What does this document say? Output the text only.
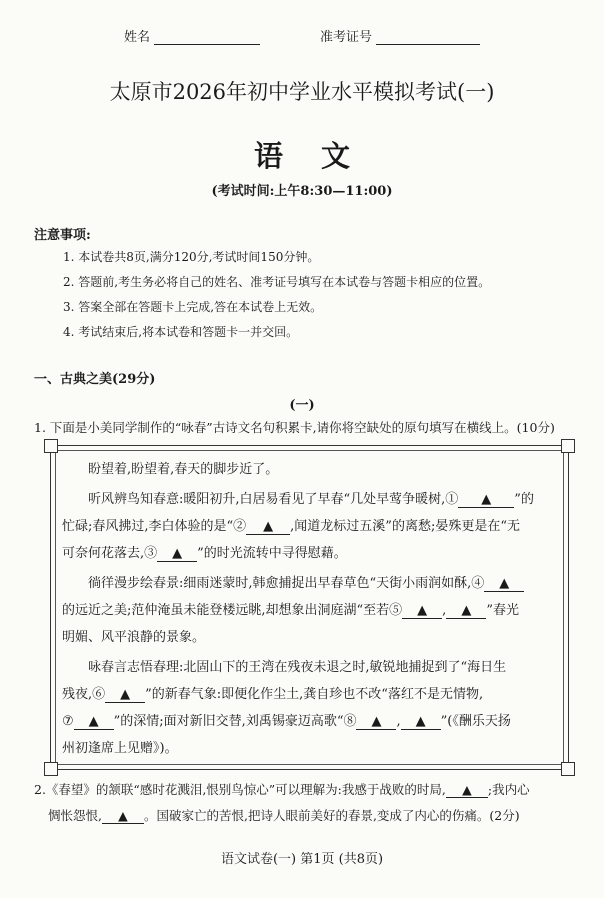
姓名	准考证号
太原市2026年初中学业水平模拟考试(一)
语文
(考试时间:上午8:30—11:00)
注意事项:
1. 本试卷共8页,满分120分,考试时间150分钟。
2. 答题前,考生务必将自己的姓名、准考证号填写在本试卷与答题卡相应的位置。
3. 答案全部在答题卡上完成,答在本试卷上无效。
4. 考试结束后,将本试卷和答题卡一并交回。
一、古典之美(29分)
(一)
1. 下面是小美同学制作的“咏春”古诗文名句积累卡,请你将空缺处的原句填写在横线上。(10分)
盼望着,盼望着,春天的脚步近了。
听风辨鸟知春意:暖阳初升,白居易看见了早春“几处早莺争暖树,① ▲ ”的
忙碌;春风拂过,李白体验的是“② ▲ ,闻道龙标过五溪”的离愁;晏殊更是在“无
可奈何花落去,③ ▲ ”的时光流转中寻得慰藉。
徜徉漫步绘春景:细雨迷蒙时,韩愈捕捉出早春草色“天街小雨润如酥,④ ▲
的远近之美;范仲淹虽未能登楼远眺,却想象出洞庭湖“至若⑤ ▲ , ▲ ”春光
明媚、风平浪静的景象。
咏春言志悟春理:北固山下的王湾在残夜未退之时,敏锐地捕捉到了“海日生
残夜,⑥ ▲ ”的新春气象:即便化作尘土,龚自珍也不改“落红不是无情物,
⑦ ▲ ”的深情;面对新旧交替,刘禹锡豪迈高歌“⑧ ▲ , ▲ ”(《酬乐天扬
州初逢席上见赠》)。
2.《春望》的颔联“感时花溅泪,恨别鸟惊心”可以理解为:我感于战败的时局, ▲ ;我内心
惆怅怨恨, ▲ 。国破家亡的苦恨,把诗人眼前美好的春景,变成了内心的伤痛。(2分)
语文试卷(一) 第1页 (共8页)
